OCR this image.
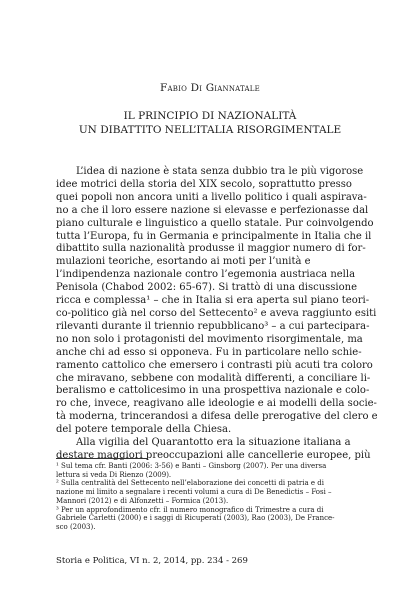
Fabio Di Giannatale
IL PRINCIPIO DI NAZIONALITÀ
UN DIBATTITO NELL’ITALIA RISORGIMENTALE
L’idea di nazione è stata senza dubbio tra le più vigorose
idee motrici della storia del XIX secolo, soprattutto presso
quei popoli non ancora uniti a livello politico i quali aspirava-
no a che il loro essere nazione si elevasse e perfezionasse dal
piano culturale e linguistico a quello statale. Pur coinvolgendo
tutta l’Europa, fu in Germania e principalmente in Italia che il
dibattito sulla nazionalità produsse il maggior numero di for-
mulazioni teoriche, esortando ai moti per l’unità e
l’indipendenza nazionale contro l’egemonia austriaca nella
Penisola (Chabod 2002: 65-67). Si trattò di una discussione
ricca e complessa¹ – che in Italia si era aperta sul piano teori-
co-politico già nel corso del Settecento² e aveva raggiunto esiti
rilevanti durante il triennio repubblicano³ – a cui partecipara-
no non solo i protagonisti del movimento risorgimentale, ma
anche chi ad esso si opponeva. Fu in particolare nello schie-
ramento cattolico che emersero i contrasti più acuti tra coloro
che miravano, sebbene con modalità differenti, a conciliare li-
beralismo e cattolicesimo in una prospettiva nazionale e colo-
ro che, invece, reagivano alle ideologie e ai modelli della socie-
tà moderna, trincerandosi a difesa delle prerogative del clero e
del potere temporale della Chiesa.
Alla vigilia del Quarantotto era la situazione italiana a
destare maggiori preoccupazioni alle cancellerie europee, più
¹ Sul tema cfr. Banti (2006: 3-56) e Banti – Ginsborg (2007). Per una diversa
lettura si veda Di Rienzo (2009).
² Sulla centralità del Settecento nell’elaborazione dei concetti di patria e di
nazione mi limito a segnalare i recenti volumi a cura di De Benedictis – Fosi –
Mannori (2012) e di Alfonzetti – Formica (2013).
³ Per un approfondimento cfr. il numero monografico di Trimestre a cura di
Gabriele Carletti (2000) e i saggi di Ricuperati (2003), Rao (2003), De France-
sco (2003).
Storia e Politica, VI n. 2, 2014, pp. 234 - 269
